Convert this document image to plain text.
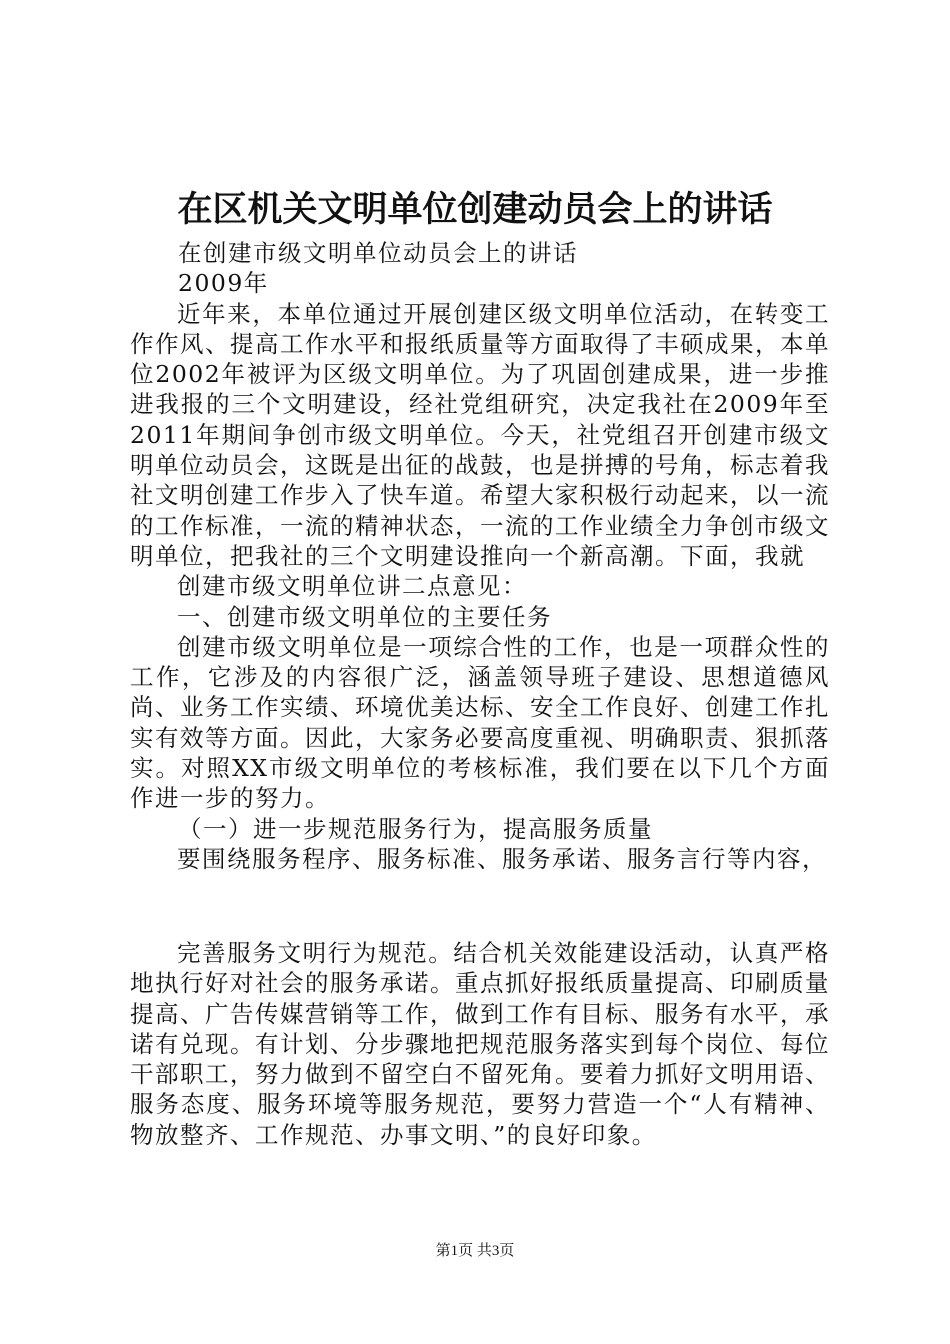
在区机关文明单位创建动员会上的讲话

在创建市级文明单位动员会上的讲话

2009年

近年来，本单位通过开展创建区级文明单位活动，在转变工作作风、提高工作水平和报纸质量等方面取得了丰硕成果，本单位2002年被评为区级文明单位。为了巩固创建成果，进一步推进我报的三个文明建设，经社党组研究，决定我社在2009年至2011年期间争创市级文明单位。今天，社党组召开创建市级文明单位动员会，这既是出征的战鼓，也是拼搏的号角，标志着我社文明创建工作步入了快车道。希望大家积极行动起来，以一流的工作标准，一流的精神状态，一流的工作业绩全力争创市级文明单位，把我社的三个文明建设推向一个新高潮。下面，我就

创建市级文明单位讲二点意见：

一、创建市级文明单位的主要任务

创建市级文明单位是一项综合性的工作，也是一项群众性的工作，它涉及的内容很广泛，涵盖领导班子建设、思想道德风尚、业务工作实绩、环境优美达标、安全工作良好、创建工作扎实有效等方面。因此，大家务必要高度重视、明确职责、狠抓落实。对照XX市级文明单位的考核标准，我们要在以下几个方面作进一步的努力。

（一）进一步规范服务行为，提高服务质量

要围绕服务程序、服务标准、服务承诺、服务言行等内容，

完善服务文明行为规范。结合机关效能建设活动，认真严格地执行好对社会的服务承诺。重点抓好报纸质量提高、印刷质量提高、广告传媒营销等工作，做到工作有目标、服务有水平，承诺有兑现。有计划、分步骤地把规范服务落实到每个岗位、每位干部职工，努力做到不留空白不留死角。要着力抓好文明用语、服务态度、服务环境等服务规范，要努力营造一个“人有精神、物放整齐、工作规范、办事文明、”的良好印象。

第1页 共3页
